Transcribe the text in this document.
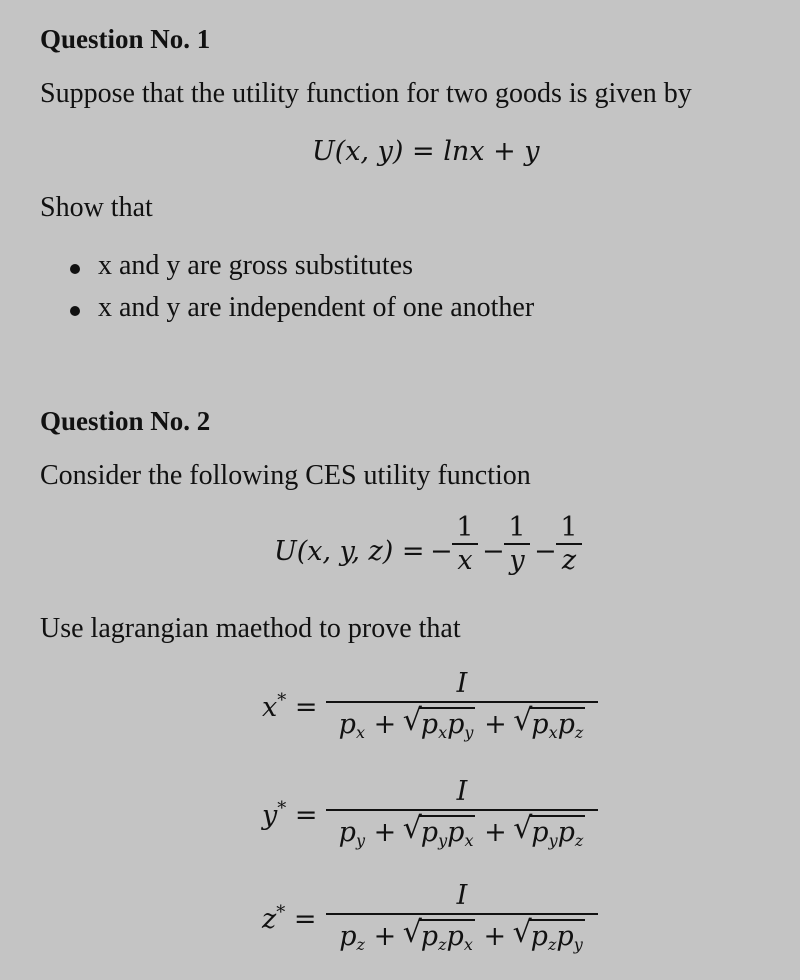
Question No. 1
Suppose that the utility function for two goods is given by
U(x, y) = lnx + y
Show that
x and y are gross substitutes
x and y are independent of one another
Question No. 2
Consider the following CES utility function
U(x, y, z) = −
1
x −
1
y −
1
z
Use lagrangian maethod to prove that
x* =
I
$p_x$ + √ $p_xp_y$ + √ $p_xp_z$
y* =
I
$p_y$ + √ $p_yp_x$ + √ $p_yp_z$
z* =
I
$p_z$ + √ $p_zp_x$ + √ $p_zp_y$
